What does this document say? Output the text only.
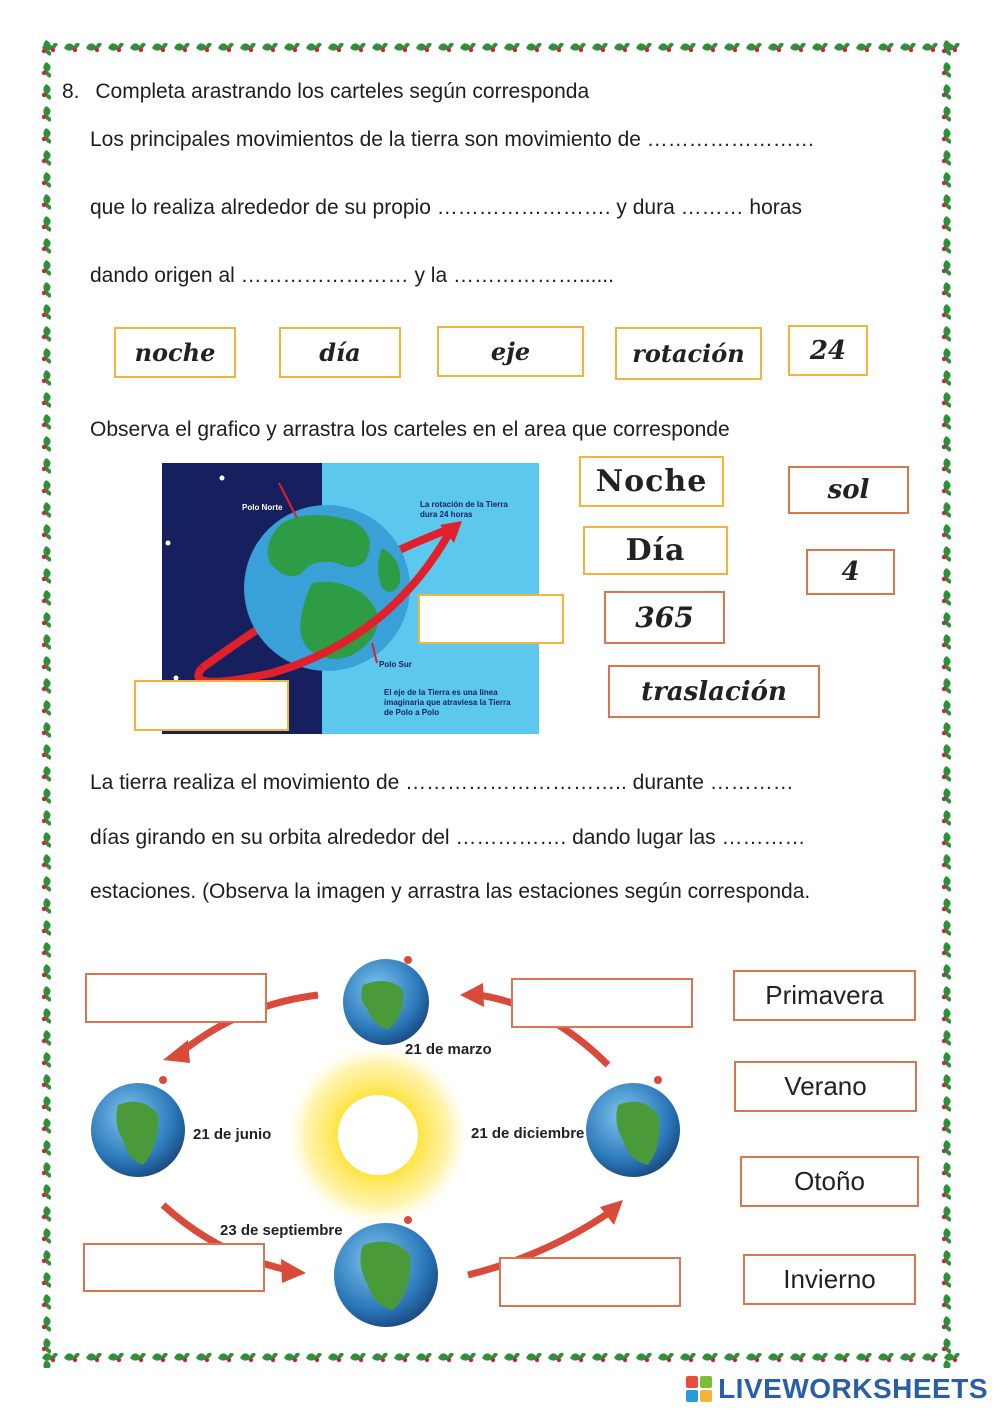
8. Completa arastrando los carteles según corresponda
Los principales movimientos de la tierra son movimiento de ……………………
que lo realiza alrededor de su propio ……………………. y dura ……… horas
dando origen al …………………… y la ………………......
noche	día	eje	rotación	24
Observa el grafico y arrastra los carteles en el area que corresponde
Polo Norte	La rotación de la Tierra
dura 24 horas
Polo Sur
El eje de la Tierra es una línea
imaginaria que atraviesa la Tierra
de Polo a Polo
Noche
Día
sol
4
365
traslación
La tierra realiza el movimiento de ………………………….. durante …………
días girando en su orbita alrededor del ……………. dando lugar las …………
estaciones. (Observa la imagen y arrastra las estaciones según corresponda.
21 de marzo
21 de junio	21 de diciembre
23 de septiembre
Primavera
Verano
Otoño
Invierno
LIVEWORKSHEETS
